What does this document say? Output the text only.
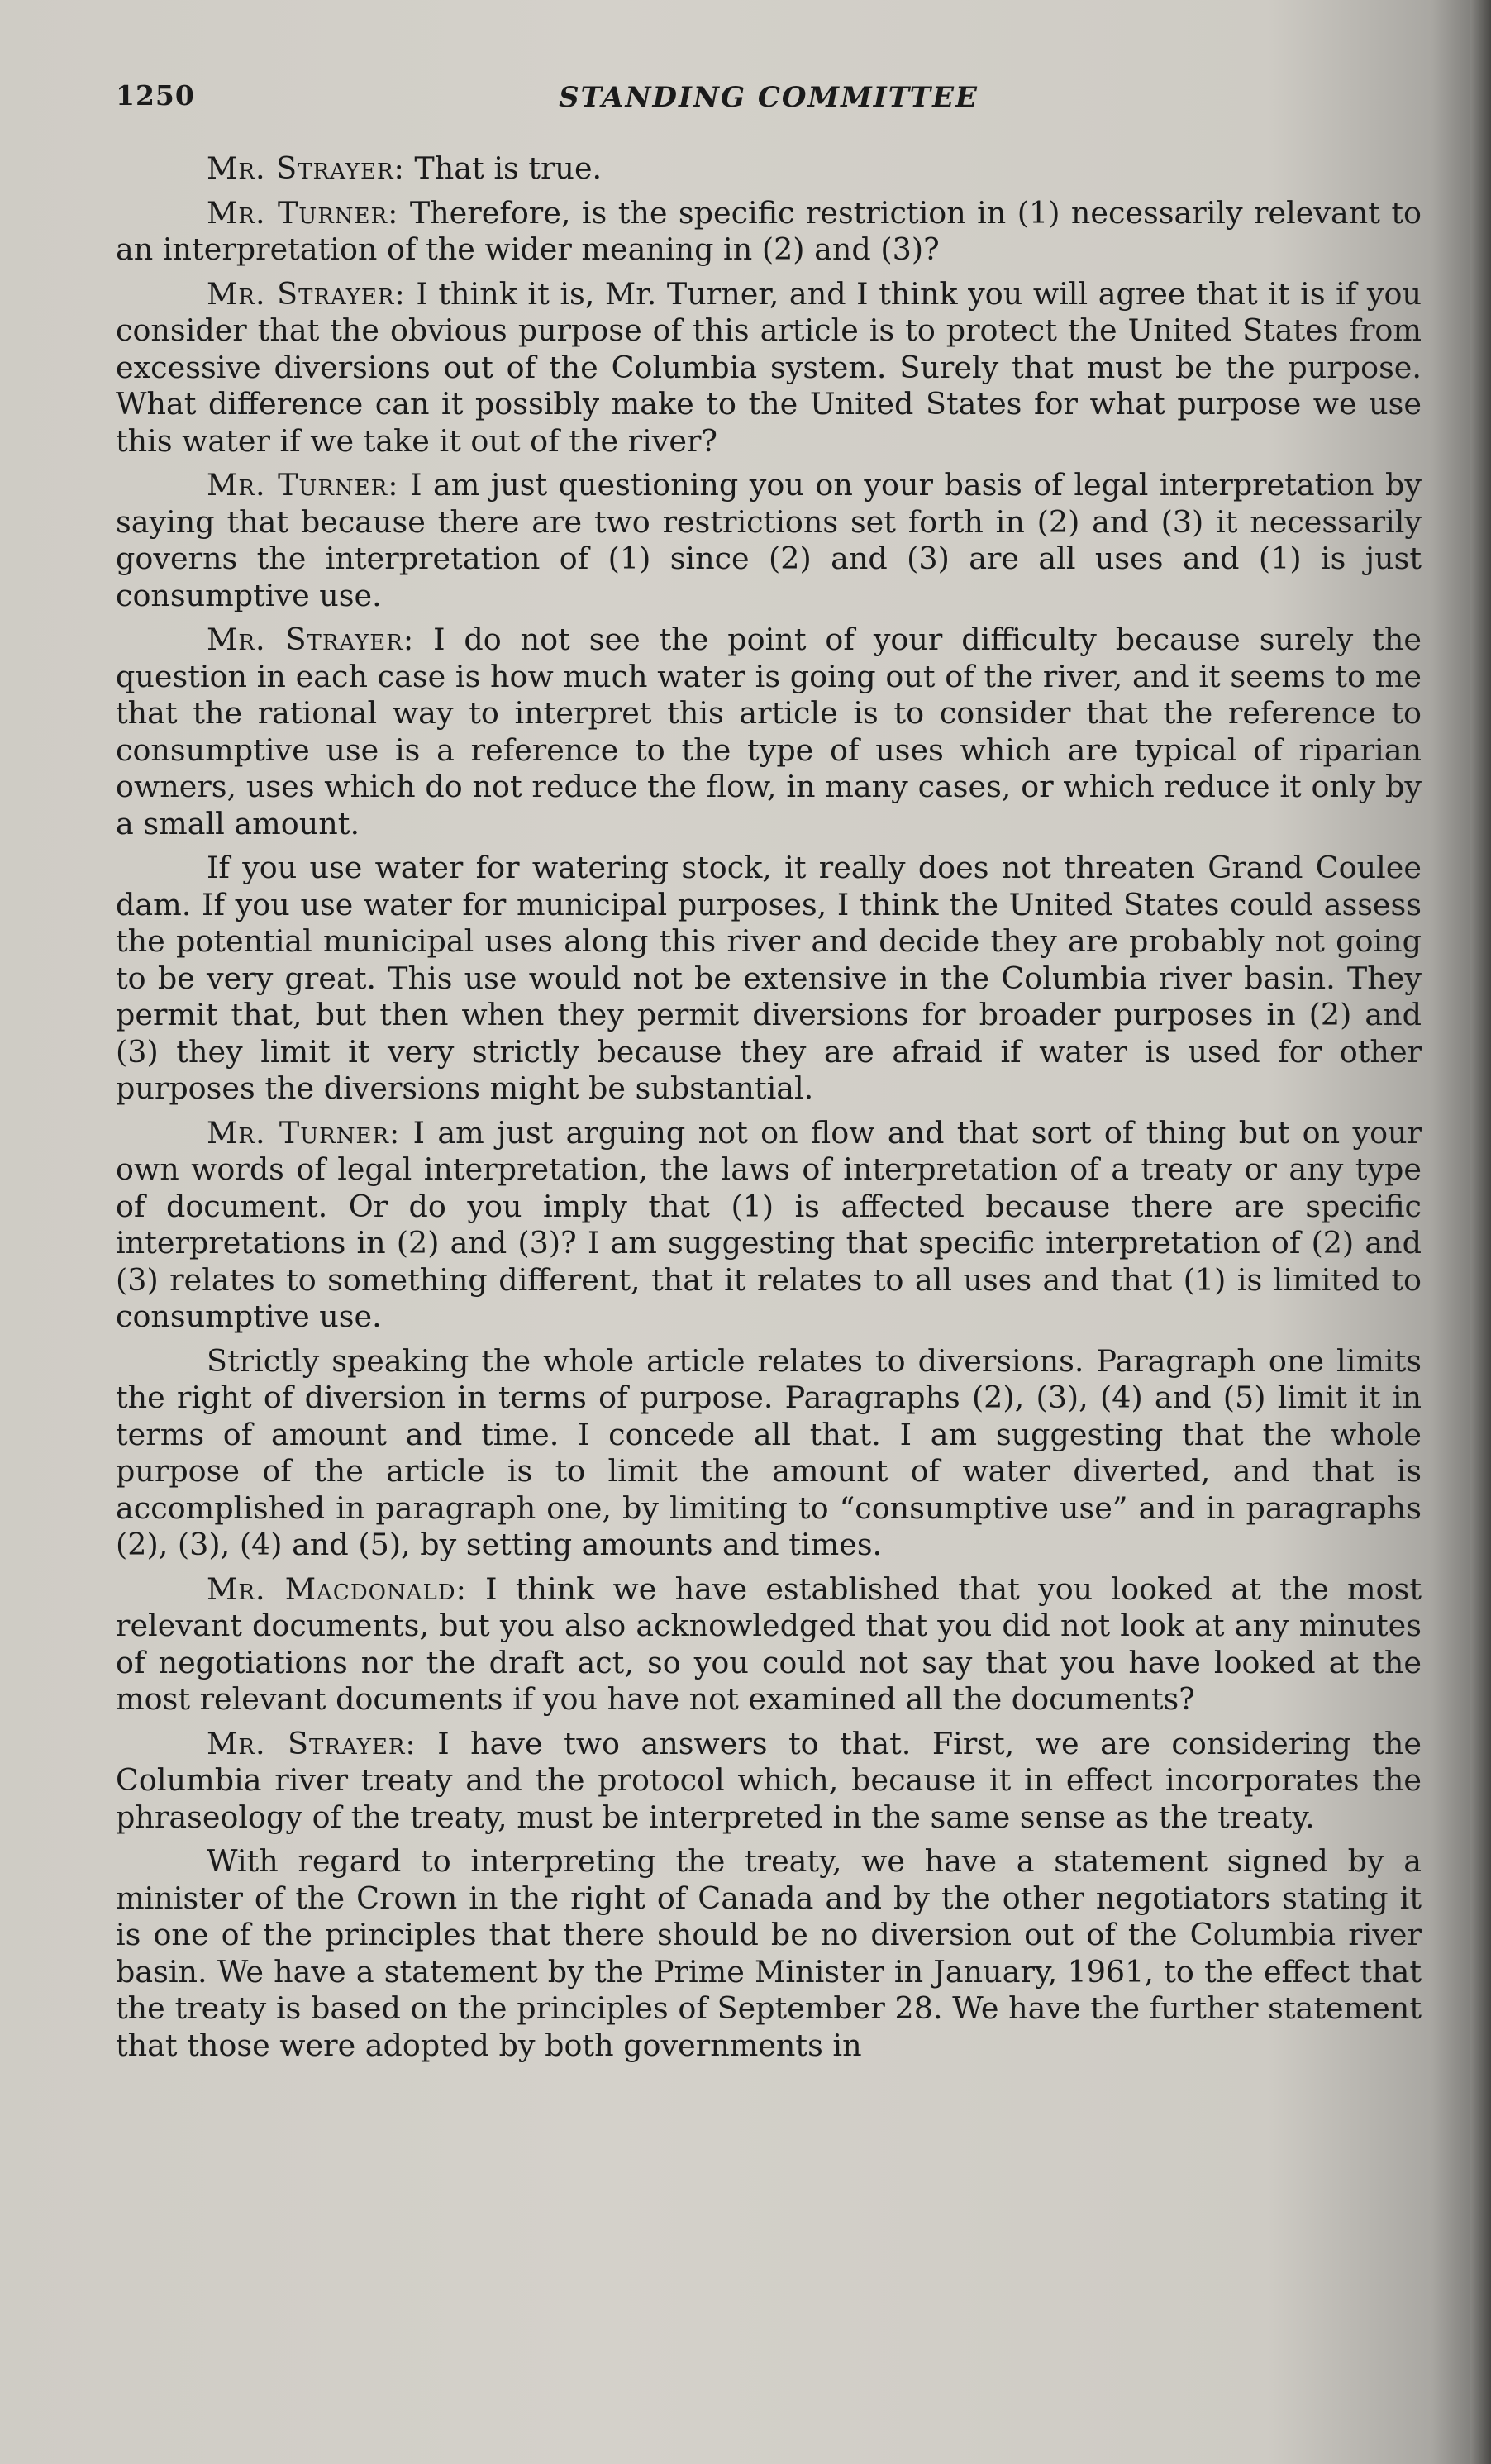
1250	STANDING COMMITTEE

Mr. Strayer: That is true.

Mr. Turner: Therefore, is the specific restriction in (1) necessarily relevant to an interpretation of the wider meaning in (2) and (3)?

Mr. Strayer: I think it is, Mr. Turner, and I think you will agree that it is if you consider that the obvious purpose of this article is to protect the United States from excessive diversions out of the Columbia system. Surely that must be the purpose. What difference can it possibly make to the United States for what purpose we use this water if we take it out of the river?

Mr. Turner: I am just questioning you on your basis of legal interpretation by saying that because there are two restrictions set forth in (2) and (3) it necessarily governs the interpretation of (1) since (2) and (3) are all uses and (1) is just consumptive use.

Mr. Strayer: I do not see the point of your difficulty because surely the question in each case is how much water is going out of the river, and it seems to me that the rational way to interpret this article is to consider that the reference to consumptive use is a reference to the type of uses which are typical of riparian owners, uses which do not reduce the flow, in many cases, or which reduce it only by a small amount.

If you use water for watering stock, it really does not threaten Grand Coulee dam. If you use water for municipal purposes, I think the United States could assess the potential municipal uses along this river and decide they are probably not going to be very great. This use would not be extensive in the Columbia river basin. They permit that, but then when they permit diversions for broader purposes in (2) and (3) they limit it very strictly because they are afraid if water is used for other purposes the diversions might be substantial.

Mr. Turner: I am just arguing not on flow and that sort of thing but on your own words of legal interpretation, the laws of interpretation of a treaty or any type of document. Or do you imply that (1) is affected because there are specific interpretations in (2) and (3)? I am suggesting that specific interpretation of (2) and (3) relates to something different, that it relates to all uses and that (1) is limited to consumptive use.

Strictly speaking the whole article relates to diversions. Paragraph one limits the right of diversion in terms of purpose. Paragraphs (2), (3), (4) and (5) limit it in terms of amount and time. I concede all that. I am suggesting that the whole purpose of the article is to limit the amount of water diverted, and that is accomplished in paragraph one, by limiting to “consumptive use” and in paragraphs (2), (3), (4) and (5), by setting amounts and times.

Mr. Macdonald: I think we have established that you looked at the most relevant documents, but you also acknowledged that you did not look at any minutes of negotiations nor the draft act, so you could not say that you have looked at the most relevant documents if you have not examined all the documents?

Mr. Strayer: I have two answers to that. First, we are considering the Columbia river treaty and the protocol which, because it in effect incorporates the phraseology of the treaty, must be interpreted in the same sense as the treaty.

With regard to interpreting the treaty, we have a statement signed by a minister of the Crown in the right of Canada and by the other negotiators stating it is one of the principles that there should be no diversion out of the Columbia river basin. We have a statement by the Prime Minister in January, 1961, to the effect that the treaty is based on the principles of September 28. We have the further statement that those were adopted by both governments in
